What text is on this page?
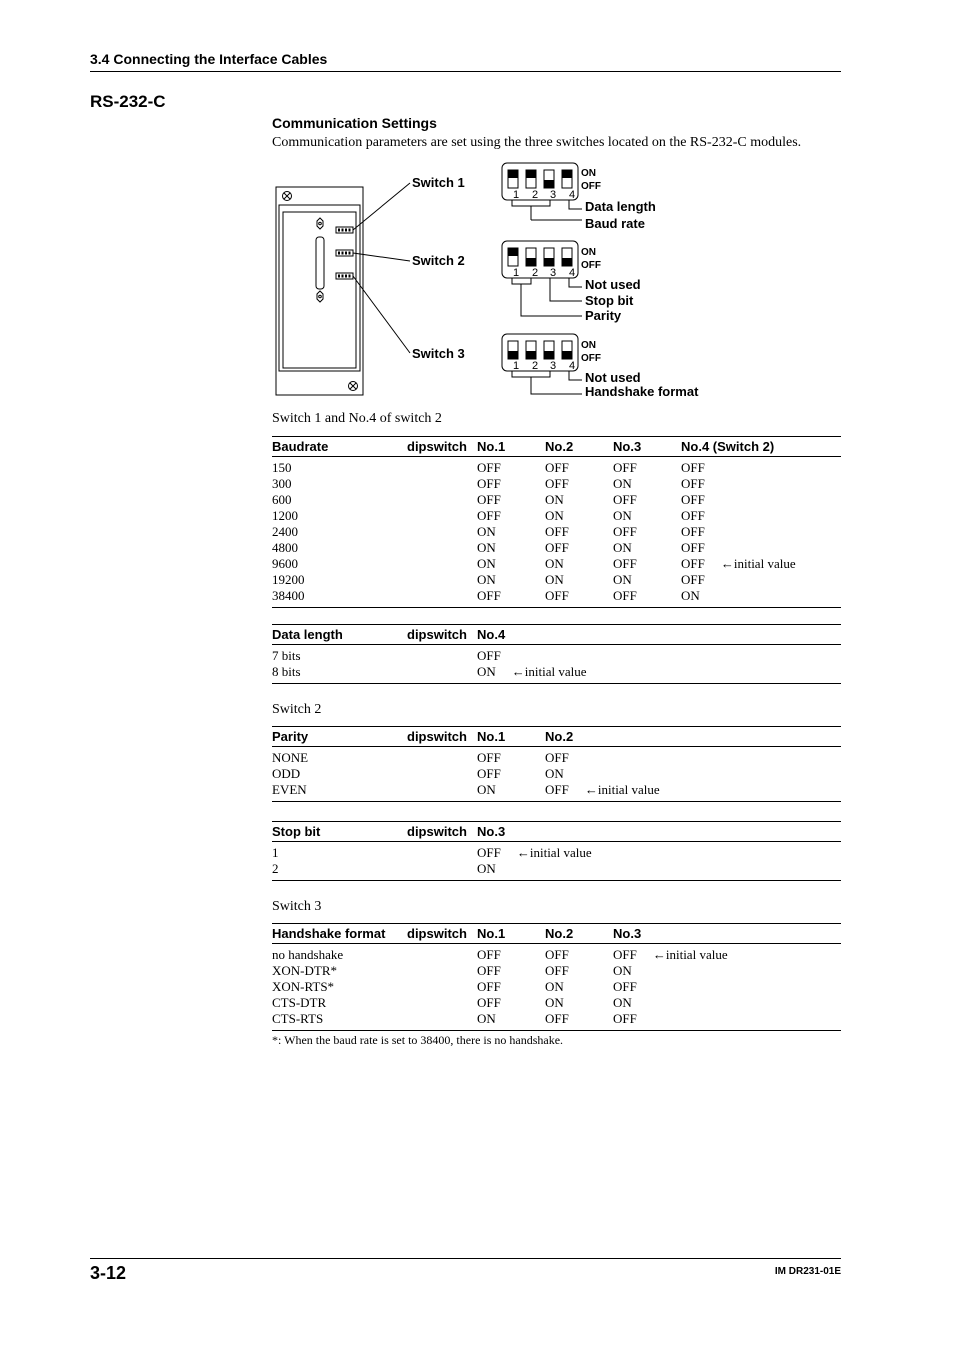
3.4 Connecting the Interface Cables
RS-232-C
Communication Settings
Communication parameters are set using the three switches located on the RS-232-C modules.
Switch 1
Switch 2
Switch 3
1 2 3 4
ON
OFF
Data length
Baud rate
1 2 3 4
ON
OFF
Not used
Stop bit
Parity
1 2 3 4
ON
OFF
Not used
Handshake format
Switch 1 and No.4 of switch 2
Baudrate	dipswitch	No.1	No.2	No.3	No.4 (Switch 2)
150		OFF	OFF	OFF	OFF
300		OFF	OFF	ON	OFF
600		OFF	ON	OFF	OFF
1200		OFF	ON	ON	OFF
2400		ON	OFF	OFF	OFF
4800		ON	OFF	ON	OFF
9600		ON	ON	OFF	OFF ←initial value
19200		ON	ON	ON	OFF
38400		OFF	OFF	OFF	ON
Data length	dipswitch	No.4
7 bits		OFF
8 bits		ON ←initial value
Switch 2
Parity	dipswitch	No.1	No.2
NONE		OFF	OFF
ODD		OFF	ON
EVEN		ON	OFF ←initial value
Stop bit	dipswitch	No.3
1		OFF ←initial value
2		ON
Switch 3
Handshake format	dipswitch	No.1	No.2	No.3
no handshake		OFF	OFF	OFF ←initial value
XON-DTR*		OFF	OFF	ON
XON-RTS*		OFF	ON	OFF
CTS-DTR		OFF	ON	ON
CTS-RTS		ON	OFF	OFF
*: When the baud rate is set to 38400, there is no handshake.
3-12	IM DR231-01E
